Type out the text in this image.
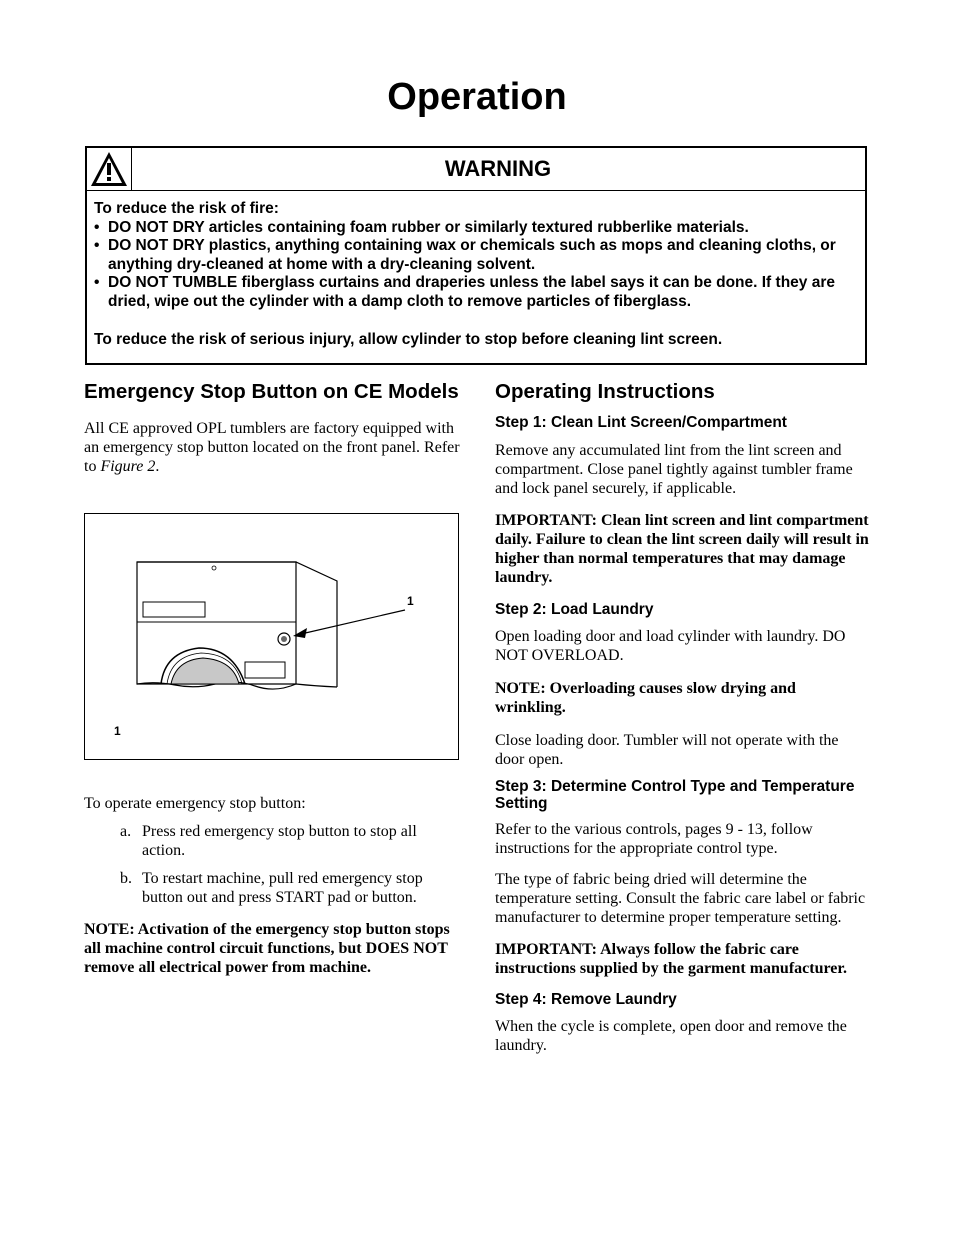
Operation
WARNING

To reduce the risk of fire:

• DO NOT DRY articles containing foam rubber or similarly textured rubberlike materials.
• DO NOT DRY plastics, anything containing wax or chemicals such as mops and cleaning cloths, or anything dry-cleaned at home with a dry-cleaning solvent.
• DO NOT TUMBLE fiberglass curtains and draperies unless the label says it can be done. If they are dried, wipe out the cylinder with a damp cloth to remove particles of fiberglass.

To reduce the risk of serious injury, allow cylinder to stop before cleaning lint screen.

Emergency Stop Button on CE Models

All CE approved OPL tumblers are factory equipped with an emergency stop button located on the front panel. Refer to Figure 2.

1
1

To operate emergency stop button:

a. Press red emergency stop button to stop all action.
b. To restart machine, pull red emergency stop button out and press START pad or button.

NOTE: Activation of the emergency stop button stops all machine control circuit functions, but DOES NOT remove all electrical power from machine.

Operating Instructions
Step 1: Clean Lint Screen/Compartment

Remove any accumulated lint from the lint screen and compartment. Close panel tightly against tumbler frame and lock panel securely, if applicable.

IMPORTANT: Clean lint screen and lint compartment daily. Failure to clean the lint screen daily will result in higher than normal temperatures that may damage laundry.

Step 2: Load Laundry

Open loading door and load cylinder with laundry. DO NOT OVERLOAD.

NOTE: Overloading causes slow drying and wrinkling.

Close loading door. Tumbler will not operate with the door open.

Step 3: Determine Control Type and Temperature Setting

Refer to the various controls, pages 9 - 13, follow instructions for the appropriate control type.

The type of fabric being dried will determine the temperature setting. Consult the fabric care label or fabric manufacturer to determine proper temperature setting.

IMPORTANT: Always follow the fabric care instructions supplied by the garment manufacturer.

Step 4: Remove Laundry

When the cycle is complete, open door and remove the laundry.
